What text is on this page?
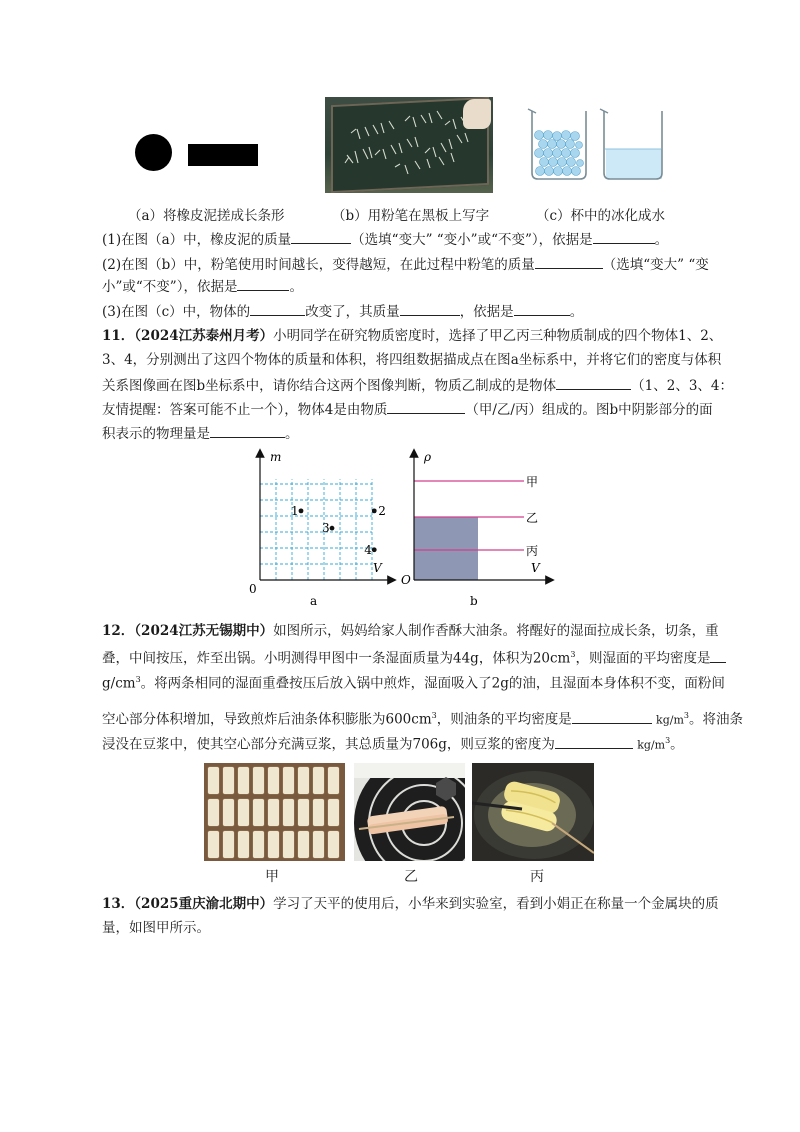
（a）将橡皮泥搓成长条形	（b）用粉笔在黑板上写字	（c）杯中的冰化成水
(1)在图（a）中，橡皮泥的质量	（选填“变大” “变小”或“不变”），依据是	。
(2)在图（b）中，粉笔使用时间越长，变得越短，在此过程中粉笔的质量	（选填“变大” “变
小”或“不变”），依据是	。
(3)在图（c）中，物体的	改变了，其质量	，依据是	。
11．（2024江苏泰州月考）小明同学在研究物质密度时，选择了甲乙丙三种物质制成的四个物体1、2、
3、4，分别测出了这四个物体的质量和体积，将四组数据描成点在图a坐标系中，并将它们的密度与体积
关系图像画在图b坐标系中，请你结合这两个图像判断，物质乙制成的是物体	（1、2、3、4：
友情提醒：答案可能不止一个），物体4是由物质	（甲/乙/丙）组成的。图b中阴影部分的面
积表示的物理量是	。
m
V
0
1	2
3
4
a
甲
乙
丙
ρ
V
O
b
12．（2024江苏无锡期中）如图所示，妈妈给家人制作香酥大油条。将醒好的湿面拉成长条，切条，重
叠，中间按压，炸至出锅。小明测得甲图中一条湿面质量为44g，体积为$20cm^3$，则湿面的平均密度是
$g/cm^3$。将两条相同的湿面重叠按压后放入锅中煎炸，湿面吸入了2g的油，且湿面本身体积不变，面粉间
空心部分体积增加，导致煎炸后油条体积膨胀为$600cm^3$，则油条的平均密度是	$kg/m^3$。将油条
浸没在豆浆中，使其空心部分充满豆浆，其总质量为706g，则豆浆的密度为	$kg/m^3$。
甲	乙	丙
13．（2025重庆渝北期中）学习了天平的使用后，小华来到实验室，看到小娟正在称量一个金属块的质
量，如图甲所示。
